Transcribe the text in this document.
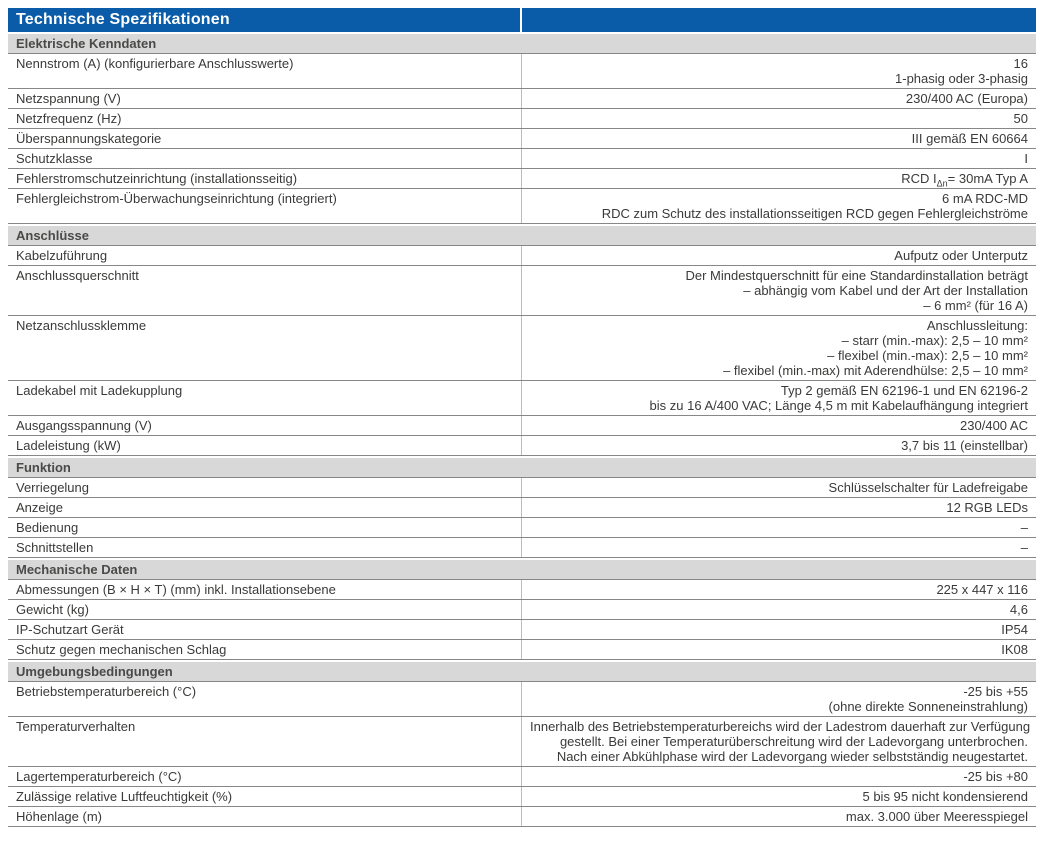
Technische Spezifikationen
Elektrische Kenndaten
Nennstrom (A) (konfigurierbare Anschlusswerte)	16
1-phasig oder 3-phasig
Netzspannung (V)	230/400 AC (Europa)
Netzfrequenz (Hz)	50
Überspannungskategorie	III gemäß EN 60664
Schutzklasse	I
Fehlerstromschutzeinrichtung (installationsseitig)	RCD $I_{\Delta n}= 30mA$ Typ A
Fehlergleichstrom-Überwachungseinrichtung (integriert)	6 mA RDC-MD
RDC zum Schutz des installationsseitigen RCD gegen Fehlergleichströme
Anschlüsse
Kabelzuführung	Aufputz oder Unterputz
Anschlussquerschnitt	Der Mindestquerschnitt für eine Standardinstallation beträgt
– abhängig vom Kabel und der Art der Installation
– 6 mm² (für 16 A)
Netzanschlussklemme	Anschlussleitung:
– starr (min.-max): 2,5 – 10 mm²
– flexibel (min.-max): 2,5 – 10 mm²
– flexibel (min.-max) mit Aderendhülse: 2,5 – 10 mm²
Ladekabel mit Ladekupplung	Typ 2 gemäß EN 62196-1 und EN 62196-2
bis zu 16 A/400 VAC; Länge 4,5 m mit Kabelaufhängung integriert
Ausgangsspannung (V)	230/400 AC
Ladeleistung (kW)	3,7 bis 11 (einstellbar)
Funktion
Verriegelung	Schlüsselschalter für Ladefreigabe
Anzeige	12 RGB LEDs
Bedienung	–
Schnittstellen	–
Mechanische Daten
Abmessungen (B × H × T) (mm) inkl. Installationsebene	225 x 447 x 116
Gewicht (kg)	4,6
IP-Schutzart Gerät	IP54
Schutz gegen mechanischen Schlag	IK08
Umgebungsbedingungen
Betriebstemperaturbereich (°C)	-25 bis +55
(ohne direkte Sonneneinstrahlung)
Temperaturverhalten	Innerhalb des Betriebstemperaturbereichs wird der Ladestrom dauerhaft zur Verfügung
gestellt. Bei einer Temperaturüberschreitung wird der Ladevorgang unterbrochen.
Nach einer Abkühlphase wird der Ladevorgang wieder selbstständig neugestartet.
Lagertemperaturbereich (°C)	-25 bis +80
Zulässige relative Luftfeuchtigkeit (%)	5 bis 95 nicht kondensierend
Höhenlage (m)	max. 3.000 über Meeresspiegel
